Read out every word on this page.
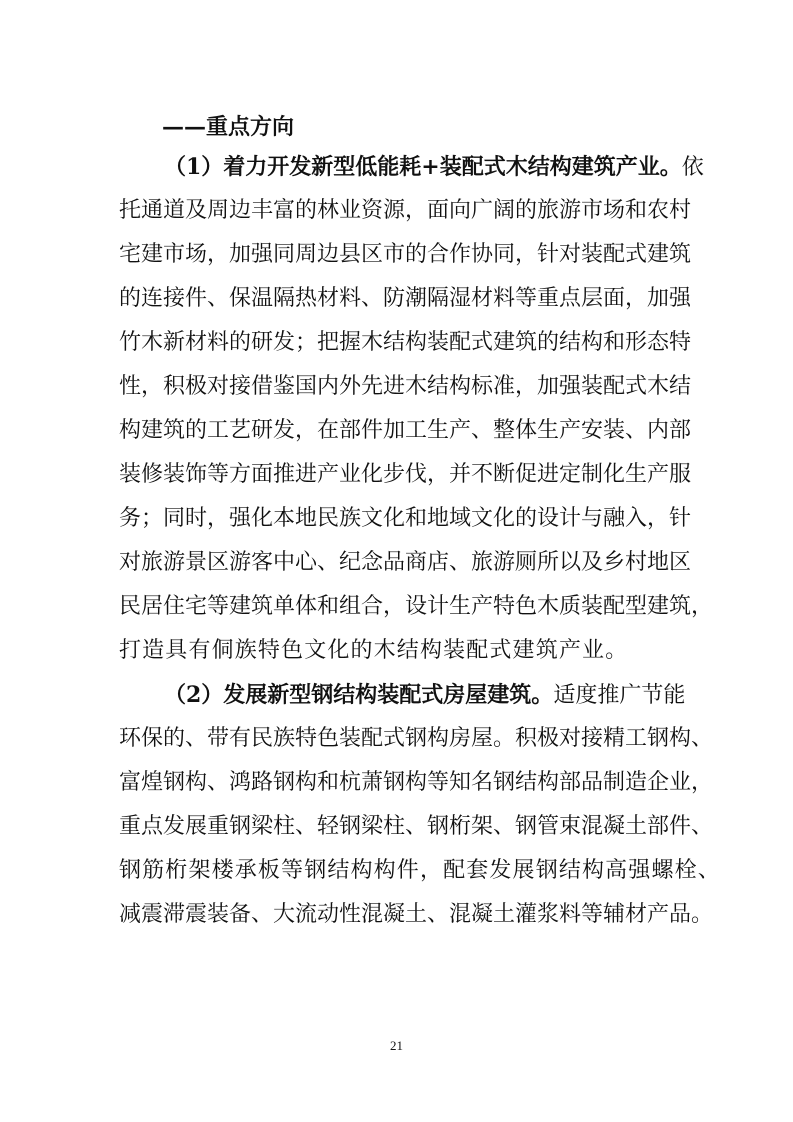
——重点方向
（1）着力开发新型低能耗+装配式木结构建筑产业。依
托通道及周边丰富的林业资源，面向广阔的旅游市场和农村
宅建市场，加强同周边县区市的合作协同，针对装配式建筑
的连接件、保温隔热材料、防潮隔湿材料等重点层面，加强
竹木新材料的研发；把握木结构装配式建筑的结构和形态特
性，积极对接借鉴国内外先进木结构标准，加强装配式木结
构建筑的工艺研发，在部件加工生产、整体生产安装、内部
装修装饰等方面推进产业化步伐，并不断促进定制化生产服
务；同时，强化本地民族文化和地域文化的设计与融入，针
对旅游景区游客中心、纪念品商店、旅游厕所以及乡村地区
民居住宅等建筑单体和组合，设计生产特色木质装配型建筑，
打造具有侗族特色文化的木结构装配式建筑产业。
（2）发展新型钢结构装配式房屋建筑。适度推广节能
环保的、带有民族特色装配式钢构房屋。积极对接精工钢构、
富煌钢构、鸿路钢构和杭萧钢构等知名钢结构部品制造企业，
重点发展重钢梁柱、轻钢梁柱、钢桁架、钢管束混凝土部件、
钢筋桁架楼承板等钢结构构件，配套发展钢结构高强螺栓、
减震滞震装备、大流动性混凝土、混凝土灌浆料等辅材产品。
21
